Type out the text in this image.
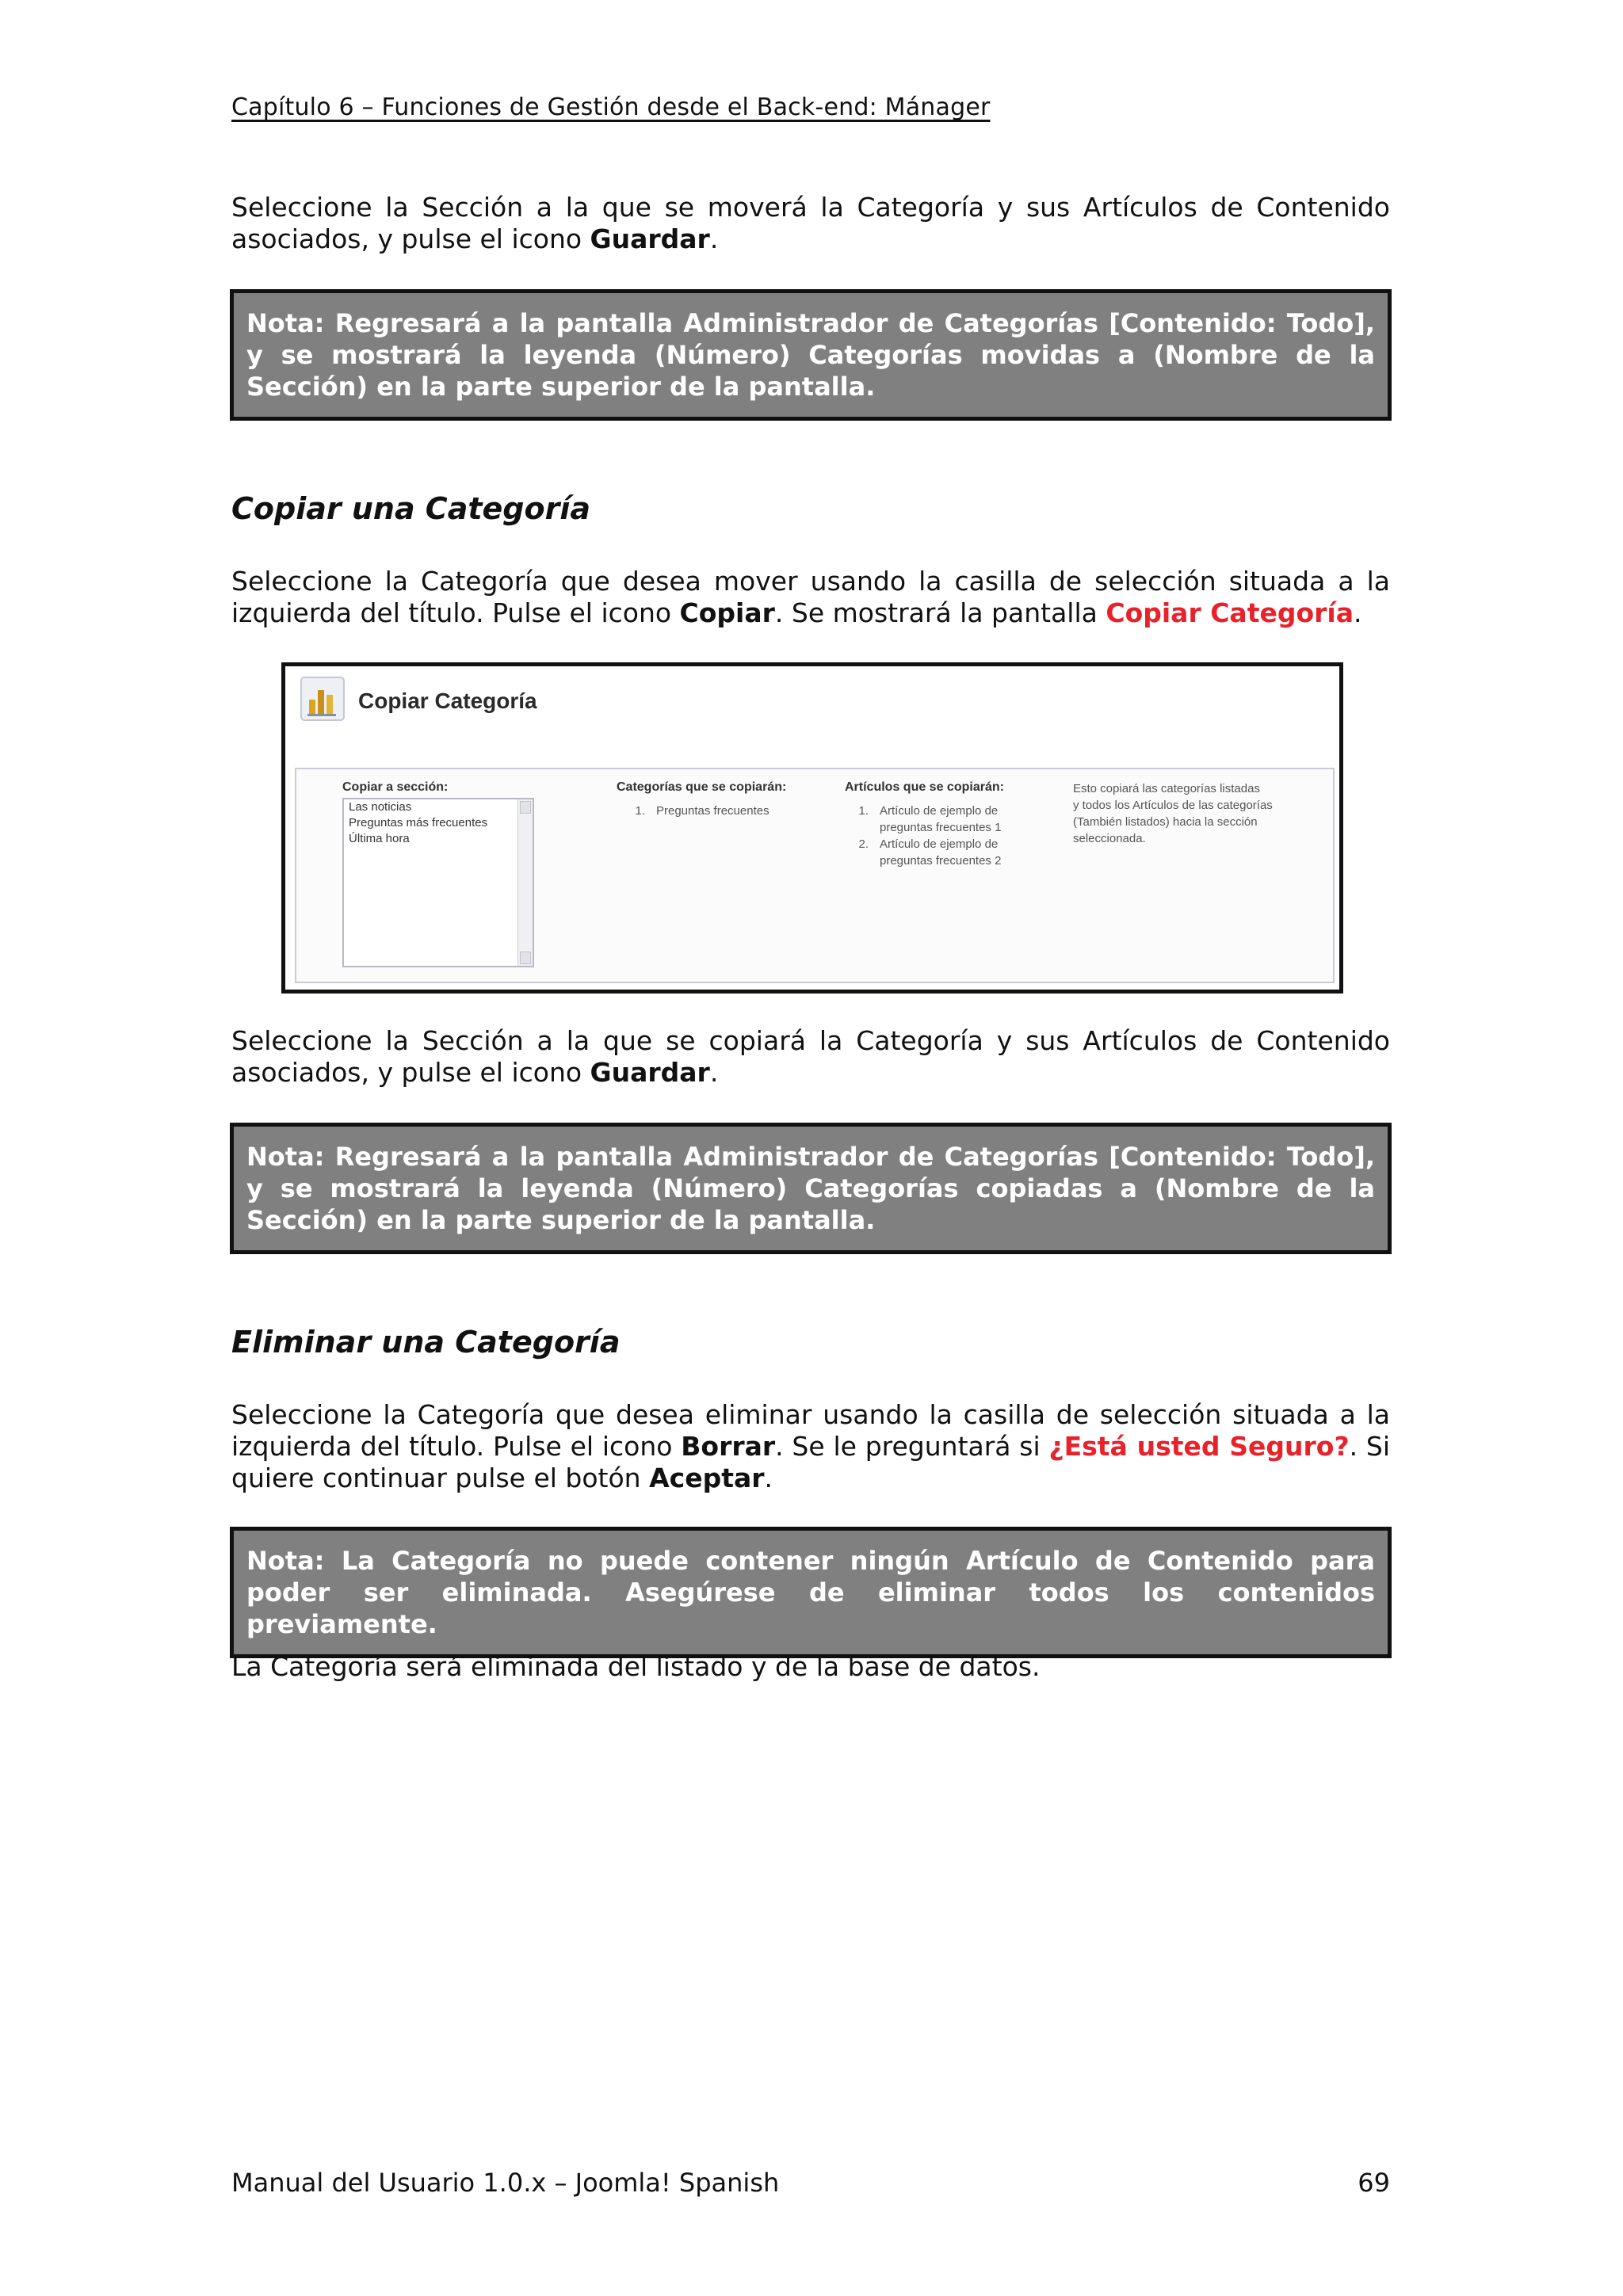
Capítulo 6 – Funciones de Gestión desde el Back-end: Mánager
Seleccione la Sección a la que se moverá la Categoría y sus Artículos de Contenido asociados, y pulse el icono Guardar.
Nota: Regresará a la pantalla Administrador de Categorías [Contenido: Todo], y se mostrará la leyenda (Número) Categorías movidas a (Nombre de la Sección) en la parte superior de la pantalla.
Copiar una Categoría
Seleccione la Categoría que desea mover usando la casilla de selección situada a la izquierda del título. Pulse el icono Copiar. Se mostrará la pantalla Copiar Categoría.
Copiar Categoría
Copiar a sección:
Las noticias
Preguntas más frecuentes
Última hora
Categorías que se copiarán:
1. Preguntas frecuentes
Artículos que se copiarán:
1. Artículo de ejemplo de
preguntas frecuentes 1
2. Artículo de ejemplo de
preguntas frecuentes 2
Esto copiará las categorías listadas
y todos los Artículos de las categorías
(También listados) hacia la sección
seleccionada.
Seleccione la Sección a la que se copiará la Categoría y sus Artículos de Contenido asociados, y pulse el icono Guardar.
Nota: Regresará a la pantalla Administrador de Categorías [Contenido: Todo], y se mostrará la leyenda (Número) Categorías copiadas a (Nombre de la Sección) en la parte superior de la pantalla.
Eliminar una Categoría
Seleccione la Categoría que desea eliminar usando la casilla de selección situada a la izquierda del título. Pulse el icono Borrar. Se le preguntará si ¿Está usted Seguro?. Si quiere continuar pulse el botón Aceptar.
Nota: La Categoría no puede contener ningún Artículo de Contenido para poder ser eliminada. Asegúrese de eliminar todos los contenidos previamente.
La Categoría será eliminada del listado y de la base de datos.
Manual del Usuario 1.0.x – Joomla! Spanish	69
